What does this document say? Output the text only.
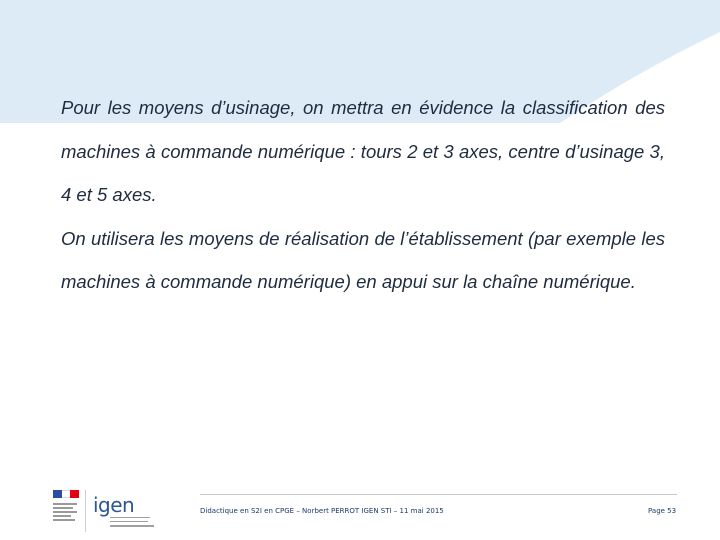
Pour les moyens d’usinage, on mettra en évidence la classification des machines à commande numérique : tours 2 et 3 axes, centre d’usinage 3, 4 et 5 axes.

On utilisera les moyens de réalisation de l’établissement (par exemple les machines à commande numérique) en appui sur la chaîne numérique.

igen	Didactique en S2I en CPGE – Norbert PERROT IGEN STI – 11 mai 2015	Page 53
